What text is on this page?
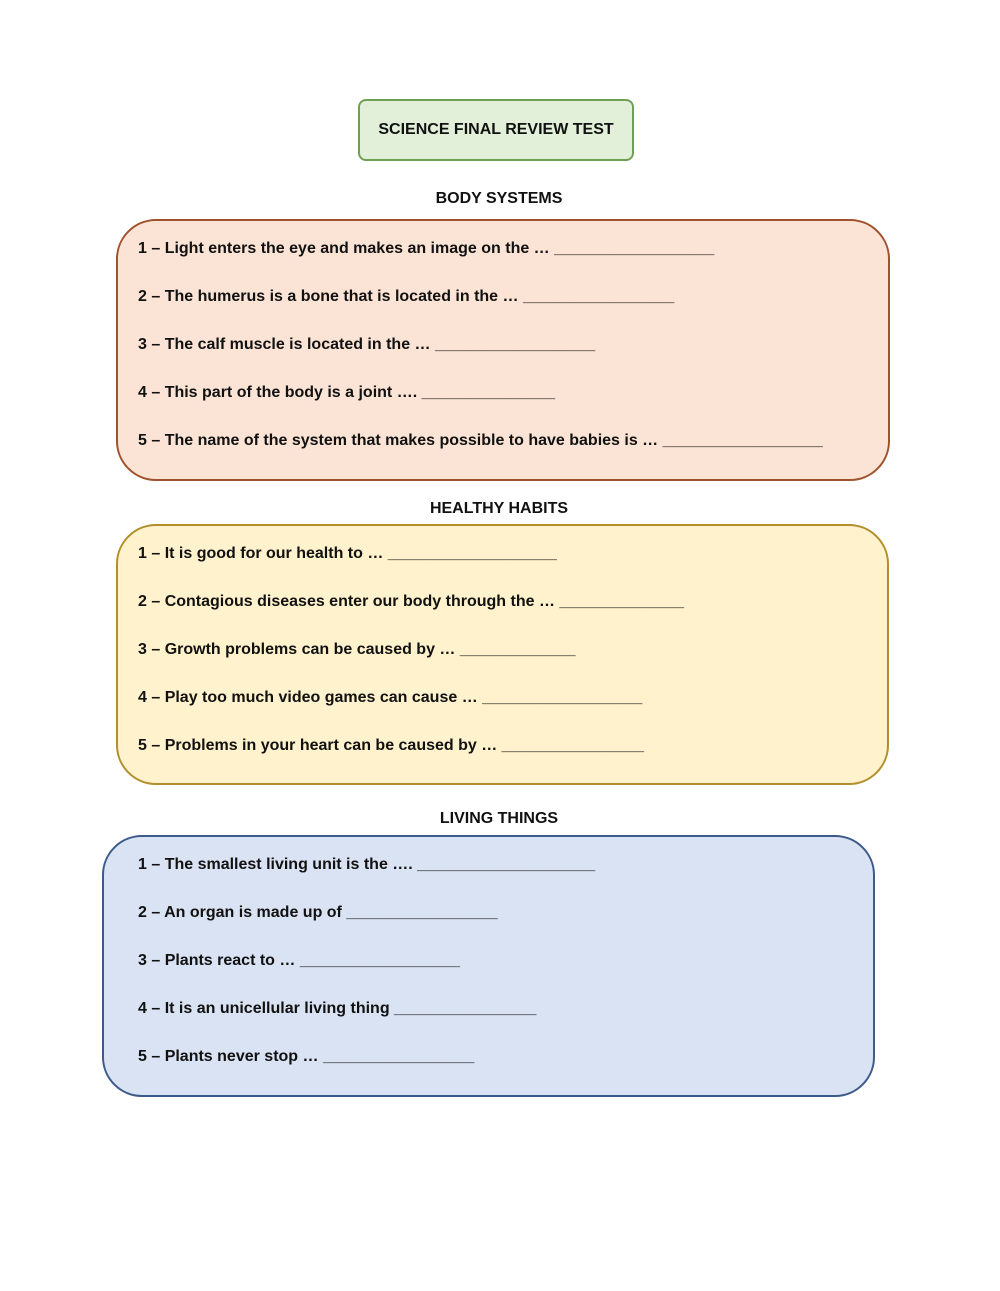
SCIENCE FINAL REVIEW TEST
BODY SYSTEMS
1 – Light enters the eye and makes an image on the … __________________
2 – The humerus is a bone that is located in the … _________________
3 – The calf muscle is located in the … __________________
4 – This part of the body is a joint …. _______________
5 – The name of the system that makes possible to have babies is … __________________
HEALTHY HABITS
1 – It is good for our health to … ___________________
2 – Contagious diseases enter our body through the … ______________
3 – Growth problems can be caused by … _____________
4 – Play too much video games can cause … __________________
5 – Problems in your heart can be caused by … ________________
LIVING THINGS
1 – The smallest living unit is the …. ____________________
2 – An organ is made up of _________________
3 – Plants react to … __________________
4 – It is an unicellular living thing ________________
5 – Plants never stop … _________________
